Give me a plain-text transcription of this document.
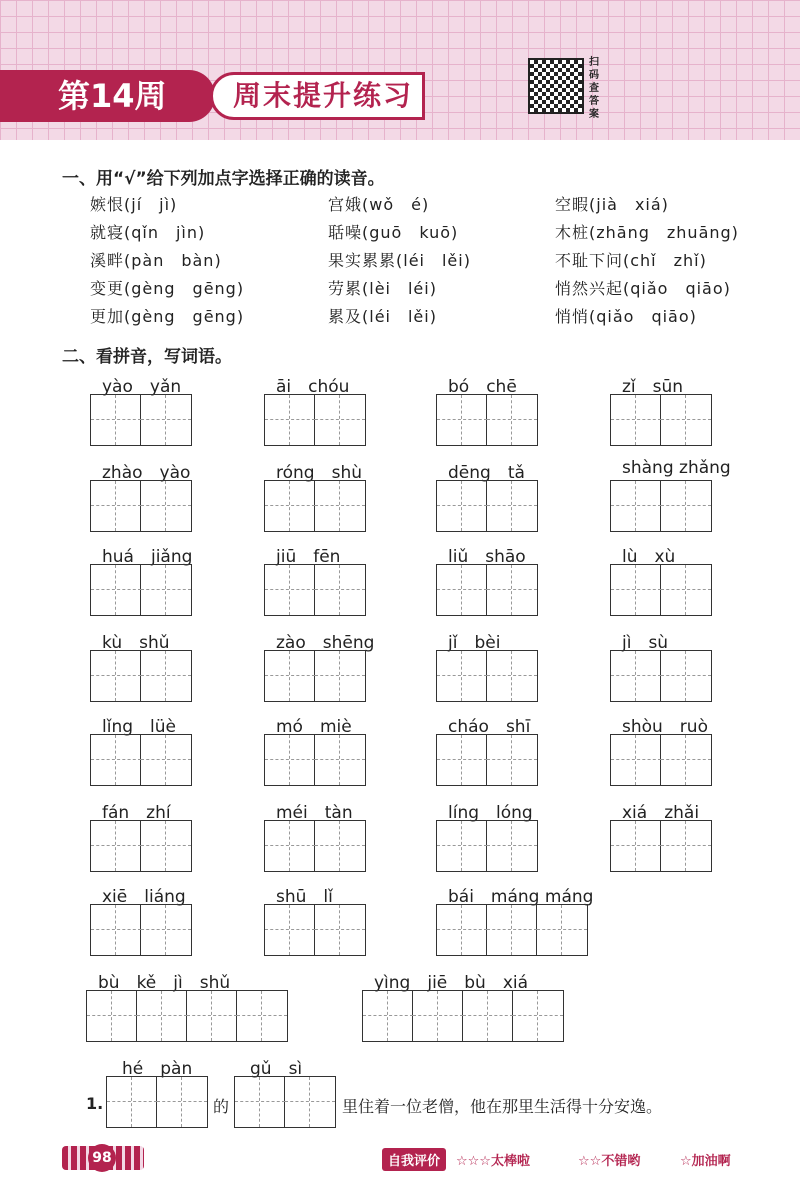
第14周	周末提升练习
扫码查答案
一、用“√”给下列加点字选择正确的读音。
嫉恨(jí　jì)	宫娥(wǒ　é)	空暇(jià　xiá)
就寝(qǐn　jìn)	聒噪(guō　kuō)	木桩(zhāng　zhuāng)
溪畔(pàn　bàn)	果实累累(léi　lěi)	不耻下问(chǐ　zhǐ)
变更(gèng　gēng)	劳累(lèi　léi)	悄然兴起(qiǎo　qiāo)
更加(gèng　gēng)	累及(léi　lěi)	悄悄(qiǎo　qiāo)
二、看拼音，写词语。
yào　yǎn	āi　chóu	bó　chē	zǐ　sūn
zhào　yào	róng　shù	dēng　tǎ	shàng zhǎng
huá　jiǎng	jiū　fēn	liǔ　shāo	lù　xù
kù　shǔ	zào　shēng	jǐ　bèi	jì　sù
lǐng　lüè	mó　miè	cháo　shī	shòu　ruò
fán　zhí	méi　tàn	líng　lóng	xiá　zhǎi
xiē　liáng	shū　lǐ	bái　máng máng
bù　kě　jì　shǔ	yìng　jiē　bù　xiá
1.
hé　pàn
的
gǔ　sì
里住着一位老僧，他在那里生活得十分安逸。
98	自我评价	☆☆☆太棒啦	☆☆不错哟	☆加油啊
